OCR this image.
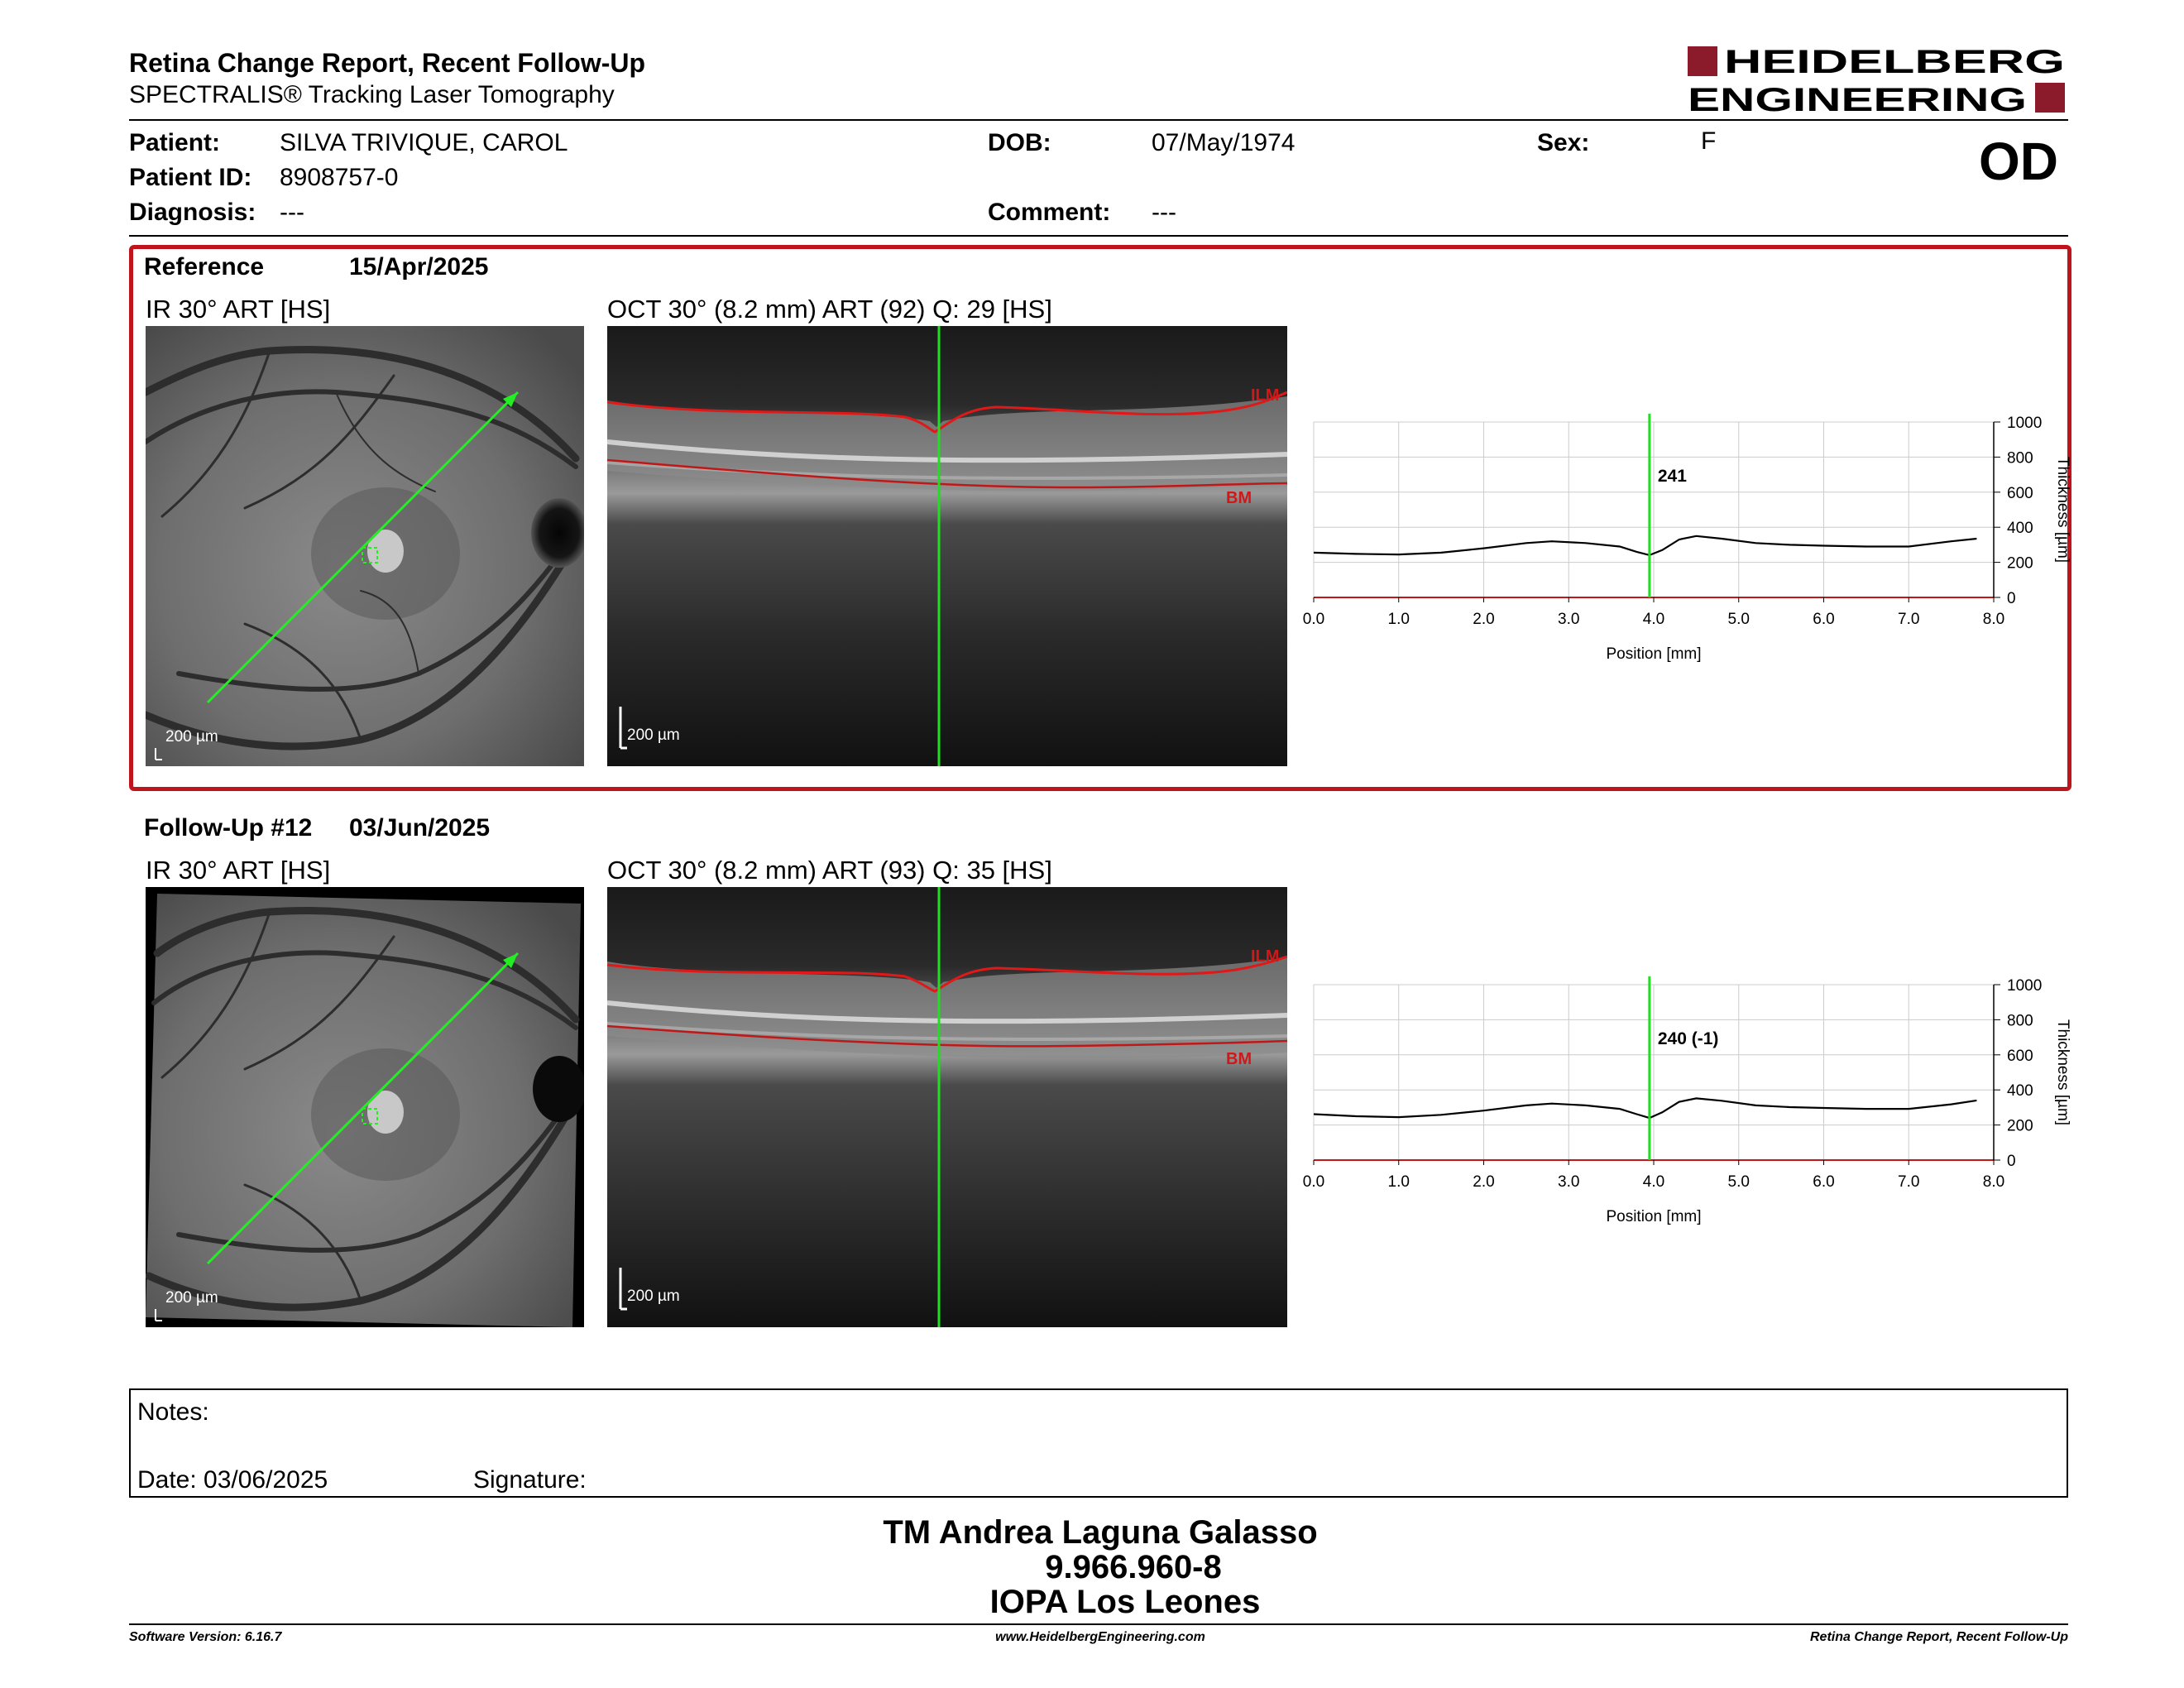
Retina Change Report, Recent Follow-Up
SPECTRALIS® Tracking Laser Tomography
HEIDELBERG
ENGINEERING
Patient: SILVA TRIVIQUE, CAROL
Patient ID: 8908757-0
Diagnosis: ---
DOB:	07/May/1974
Comment: ---
Sex:	F	OD
Reference	15/Apr/2025
IR 30° ART [HS]	OCT 30° (8.2 mm) ART (92) Q: 29 [HS]
200 µm
ILM
BM
200 µm
0.0	1.0	2.0	3.0	4.0	5.0	6.0	7.0	8.0
0
200
400
600
800
1000
Position [mm]
Thickness [µm]
241
Follow-Up #12 03/Jun/2025
IR 30° ART [HS]	OCT 30° (8.2 mm) ART (93) Q: 35 [HS]
200 µm
ILM
BM
200 µm
0.0	1.0	2.0	3.0	4.0	5.0	6.0	7.0	8.0
0
200
400
600
800
1000
Position [mm]
Thickness [µm]
240 (-1)
Notes:
Date: 03/06/2025	Signature:
TM Andrea Laguna Galasso
9.966.960-8
IOPA Los Leones
Software Version: 6.16.7	www.HeidelbergEngineering.com	Retina Change Report, Recent Follow-Up
